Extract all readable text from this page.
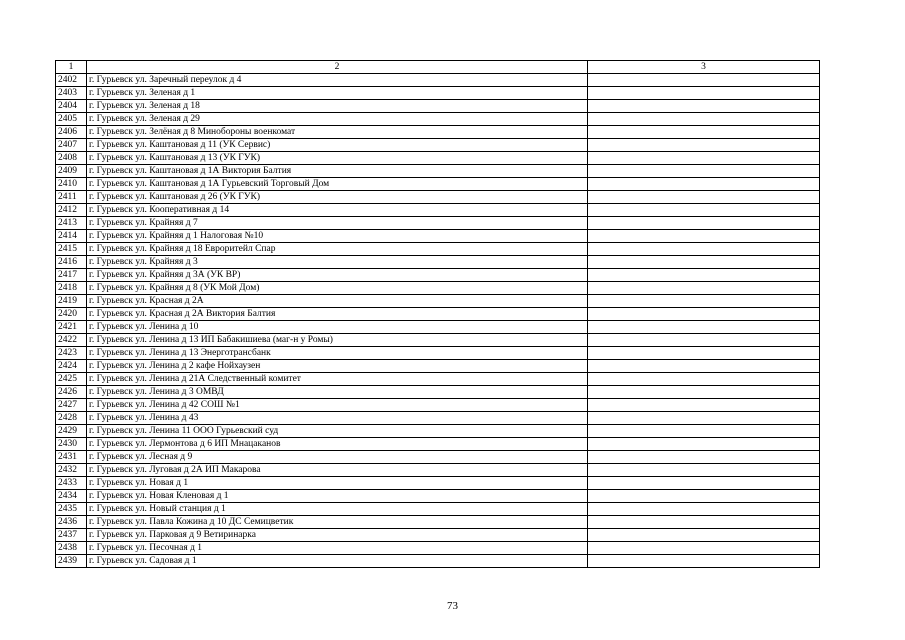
1	2	3
2402	г. Гурьевск ул. Заречный переулок д 4	
2403	г. Гурьевск ул. Зеленая д 1	
2404	г. Гурьевск ул. Зеленая д 18	
2405	г. Гурьевск ул. Зеленая д 29	
2406	г. Гурьевск ул. Зелёная д 8 Минобороны военкомат	
2407	г. Гурьевск ул. Каштановая д 11 (УК Сервис)	
2408	г. Гурьевск ул. Каштановая д 13 (УК ГУК)	
2409	г. Гурьевск ул. Каштановая д 1А Виктория Балтия	
2410	г. Гурьевск ул. Каштановая д 1А Гурьевский Торговый Дом	
2411	г. Гурьевск ул. Каштановая д 26 (УК ГУК)	
2412	г. Гурьевск ул. Кооперативная д 14	
2413	г. Гурьевск ул. Крайняя д 7	
2414	г. Гурьевск ул. Крайняя д 1 Налоговая №10	
2415	г. Гурьевск ул. Крайняя д 18 Евроритейл Спар	
2416	г. Гурьевск ул. Крайняя д 3	
2417	г. Гурьевск ул. Крайняя д 3А (УК ВР)	
2418	г. Гурьевск ул. Крайняя д 8 (УК Мой Дом)	
2419	г. Гурьевск ул. Красная д 2А	
2420	г. Гурьевск ул. Красная д 2А Виктория Балтия	
2421	г. Гурьевск ул. Ленина д 10	
2422	г. Гурьевск ул. Ленина д 13 ИП Бабакишиева (маг-н у Ромы)	
2423	г. Гурьевск ул. Ленина д 13 Энерготрансбанк	
2424	г. Гурьевск ул. Ленина д 2 кафе Нойхаузен	
2425	г. Гурьевск ул. Ленина д 21А Следственный комитет	
2426	г. Гурьевск ул. Ленина д 3 ОМВД	
2427	г. Гурьевск ул. Ленина д 42 СОШ №1	
2428	г. Гурьевск ул. Ленина д 43	
2429	г. Гурьевск ул. Ленина 11 ООО Гурьевский суд	
2430	г. Гурьевск ул. Лермонтова д 6 ИП Мнацаканов	
2431	г. Гурьевск ул. Лесная д 9	
2432	г. Гурьевск ул. Луговая д 2А ИП Макарова	
2433	г. Гурьевск ул. Новая д 1	
2434	г. Гурьевск ул. Новая Кленовая д 1	
2435	г. Гурьевск ул. Новый станция д 1	
2436	г. Гурьевск ул. Павла Кожина д 10 ДС Семицветик	
2437	г. Гурьевск ул. Парковая д 9 Ветиринарка	
2438	г. Гурьевск ул. Песочная д 1	
2439	г. Гурьевск ул. Садовая д 1	
73
